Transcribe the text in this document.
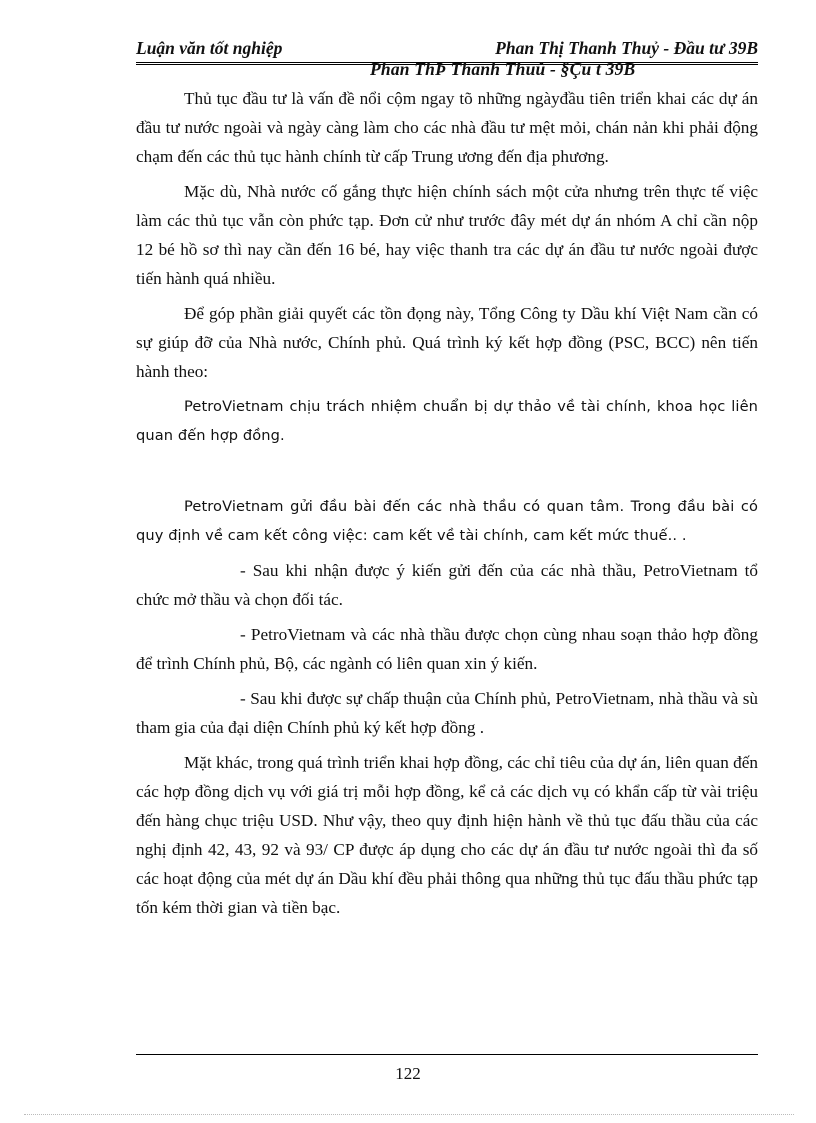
Luận văn tốt nghiệp	Phan Thị Thanh Thuỷ - Đầu tư 39B
Phan ThÞ Thanh Thuû - §Çu t 39B

Thủ tục đầu tư là vấn đề nổi cộm ngay tõ những ngàyđầu tiên triển khai các dự án đầu tư nước ngoài và ngày càng làm cho các nhà đầu tư mệt mỏi, chán nản khi phải động chạm đến các thủ tục hành chính từ cấp Trung ương đến địa phương.

Mặc dù, Nhà nước cố gắng thực hiện chính sách một cửa nhưng trên thực tế việc làm các thủ tục vẫn còn phức tạp. Đơn cử như trước đây mét dự án nhóm A chỉ cần nộp 12 bé hồ sơ thì nay cần đến 16 bé, hay việc thanh tra các dự án đầu tư nước ngoài được tiến hành quá nhiều.

Để góp phần giải quyết các tồn đọng này, Tổng Công ty Dầu khí Việt Nam cần có sự giúp đỡ của Nhà nước, Chính phủ. Quá trình ký kết hợp đồng (PSC, BCC) nên tiến hành theo:

PetroVietnam chịu trách nhiệm chuẩn bị dự thảo về tài chính, khoa học liên quan đến hợp đồng.

PetroVietnam gửi đầu bài đến các nhà thầu có quan tâm. Trong đầu bài có quy định về cam kết công việc: cam kết về tài chính, cam kết mức thuế.. .

- Sau khi nhận được ý kiến gửi đến của các nhà thầu, PetroVietnam tổ chức mở thầu và chọn đối tác.

- PetroVietnam và các nhà thầu được chọn cùng nhau soạn thảo hợp đồng để trình Chính phủ, Bộ, các ngành có liên quan xin ý kiến.

- Sau khi được sự chấp thuận của Chính phủ, PetroVietnam, nhà thầu và sù tham gia của đại diện Chính phủ ký kết hợp đồng .

Mặt khác, trong quá trình triển khai hợp đồng, các chỉ tiêu của dự án, liên quan đến các hợp đồng dịch vụ với giá trị mỗi hợp đồng, kể cả các dịch vụ có khẩn cấp từ vài triệu đến hàng chục triệu USD. Như vậy, theo quy định hiện hành về thủ tục đấu thầu của các nghị định 42, 43, 92 và 93/ CP được áp dụng cho các dự án đầu tư nước ngoài thì đa số các hoạt động của mét dự án Dầu khí đều phải thông qua những thủ tục đấu thầu phức tạp tốn kém thời gian và tiền bạc.

122
